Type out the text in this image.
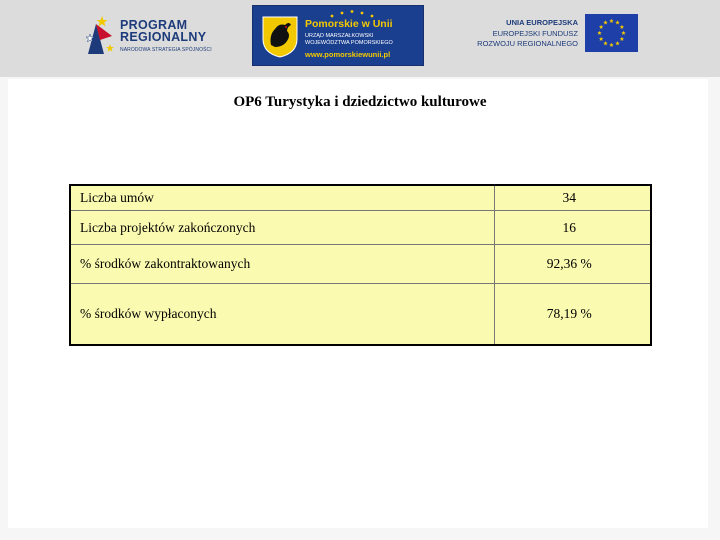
PROGRAM
REGIONALNY
NARODOWA STRATEGIA SPÓJNOŚCI
Pomorskie w Unii
URZĄD MARSZAŁKOWSKI
WOJEWÓDZTWA POMORSKIEGO
www.pomorskiewunii.pl
UNIA EUROPEJSKA
EUROPEJSKI FUNDUSZ
ROZWOJU REGIONALNEGO
OP6 Turystyka i dziedzictwo kulturowe
Liczba umów	34
Liczba projektów zakończonych	16
% środków zakontraktowanych	92,36 %
% środków wypłaconych	78,19 %
